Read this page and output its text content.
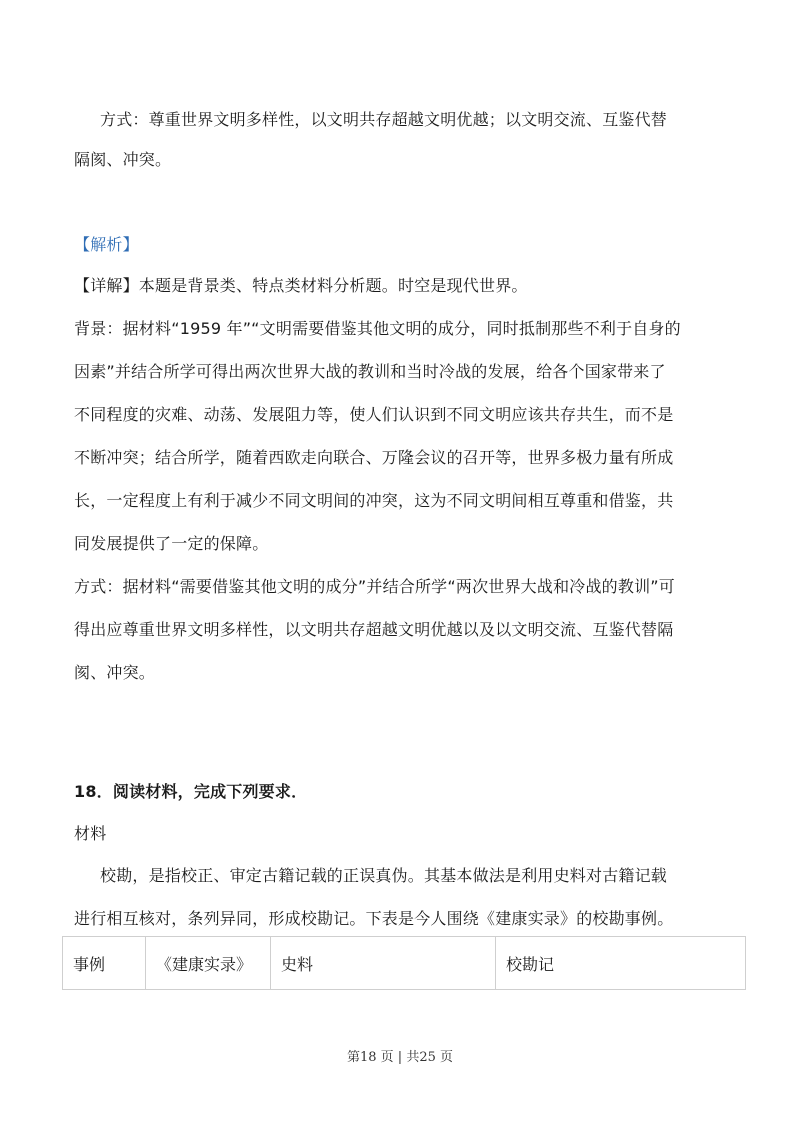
方式：尊重世界文明多样性，以文明共存超越文明优越；以文明交流、互鉴代替
隔阂、冲突。
【解析】
【详解】本题是背景类、特点类材料分析题。时空是现代世界。
背景：据材料“1959 年”“文明需要借鉴其他文明的成分，同时抵制那些不利于自身的
因素”并结合所学可得出两次世界大战的教训和当时冷战的发展，给各个国家带来了
不同程度的灾难、动荡、发展阻力等，使人们认识到不同文明应该共存共生，而不是
不断冲突；结合所学，随着西欧走向联合、万隆会议的召开等，世界多极力量有所成
长，一定程度上有利于减少不同文明间的冲突，这为不同文明间相互尊重和借鉴，共
同发展提供了一定的保障。
方式：据材料“需要借鉴其他文明的成分”并结合所学“两次世界大战和冷战的教训”可
得出应尊重世界文明多样性，以文明共存超越文明优越以及以文明交流、互鉴代替隔
阂、冲突。
18．阅读材料，完成下列要求．
材料
校勘，是指校正、审定古籍记载的正误真伪。其基本做法是利用史料对古籍记载
进行相互核对，条列异同，形成校勘记。下表是今人围绕《建康实录》的校勘事例。
事例	《建康实录》	史料	校勘记
第18 页 | 共25 页
